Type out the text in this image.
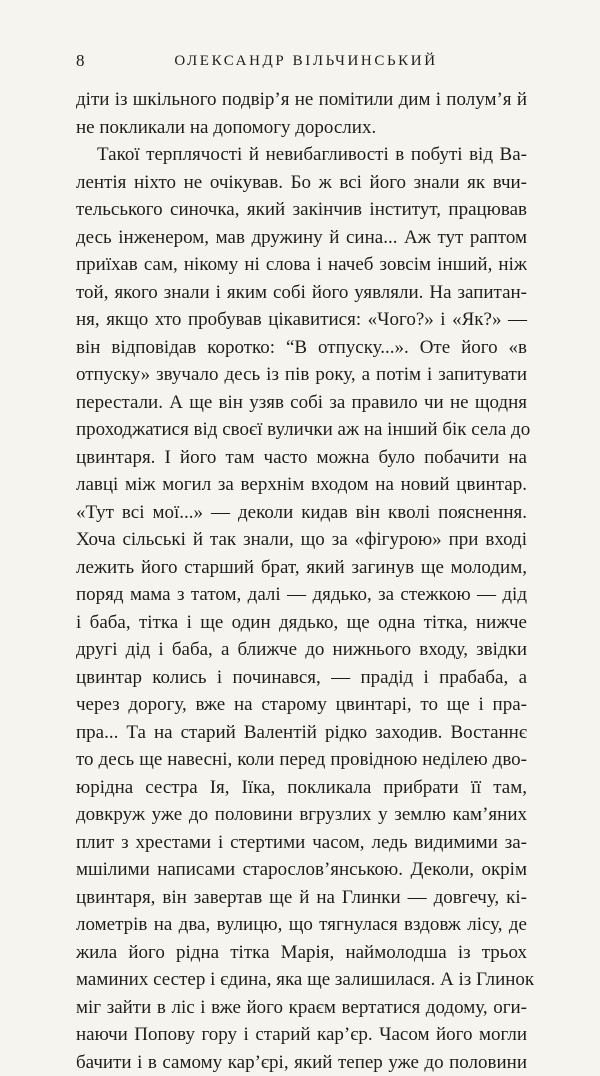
8	ОЛЕКСАНДР ВІЛЬЧИНСЬКИЙ
діти із шкільного подвір’я не помітили дим і полум’я й
не покликали на допомогу дорослих.
Такої терплячості й невибагливості в побуті від Ва-
лентія ніхто не очікував. Бо ж всі його знали як вчи-
тельського синочка, який закінчив інститут, працював
десь інженером, мав дружину й сина... Аж тут раптом
приїхав сам, нікому ні слова і начеб зовсім інший, ніж
той, якого знали і яким собі його уявляли. На запитан-
ня, якщо хто пробував цікавитися: «Чого?» і «Як?» —
він відповідав коротко: “В отпуску...». Оте його «в
отпуску» звучало десь із пів року, а потім і запитувати
перестали. А ще він узяв собі за правило чи не щодня
проходжатися від своєї вулички аж на інший бік села до
цвинтаря. І його там часто можна було побачити на
лавці між могил за верхнім входом на новий цвинтар.
«Тут всі мої...» — деколи кидав він кволі пояснення.
Хоча сільські й так знали, що за «фігурою» при вході
лежить його старший брат, який загинув ще молодим,
поряд мама з татом, далі — дядько, за стежкою — дід
і баба, тітка і ще один дядько, ще одна тітка, нижче
другі дід і баба, а ближче до нижнього входу, звідки
цвинтар колись і починався, — прадід і прабаба, а
через дорогу, вже на старому цвинтарі, то ще і пра-
пра... Та на старий Валентій рідко заходив. Востаннє
то десь ще навесні, коли перед провідною неділею дво-
юрідна сестра Ія, Іїка, покликала прибрати її там,
довкруж уже до половини вгрузлих у землю кам’яних
плит з хрестами і стертими часом, ледь видимими за-
мшілими написами старослов’янською. Деколи, окрім
цвинтаря, він завертав ще й на Глинки — довгечу, кі-
лометрів на два, вулицю, що тягнулася вздовж лісу, де
жила його рідна тітка Марія, наймолодша із трьох
маминих сестер і єдина, яка ще залишилася. А із Глинок
міг зайти в ліс і вже його краєм вертатися додому, оги-
наючи Попову гору і старий кар’єр. Часом його могли
бачити і в самому кар’єрі, який тепер уже до половини
